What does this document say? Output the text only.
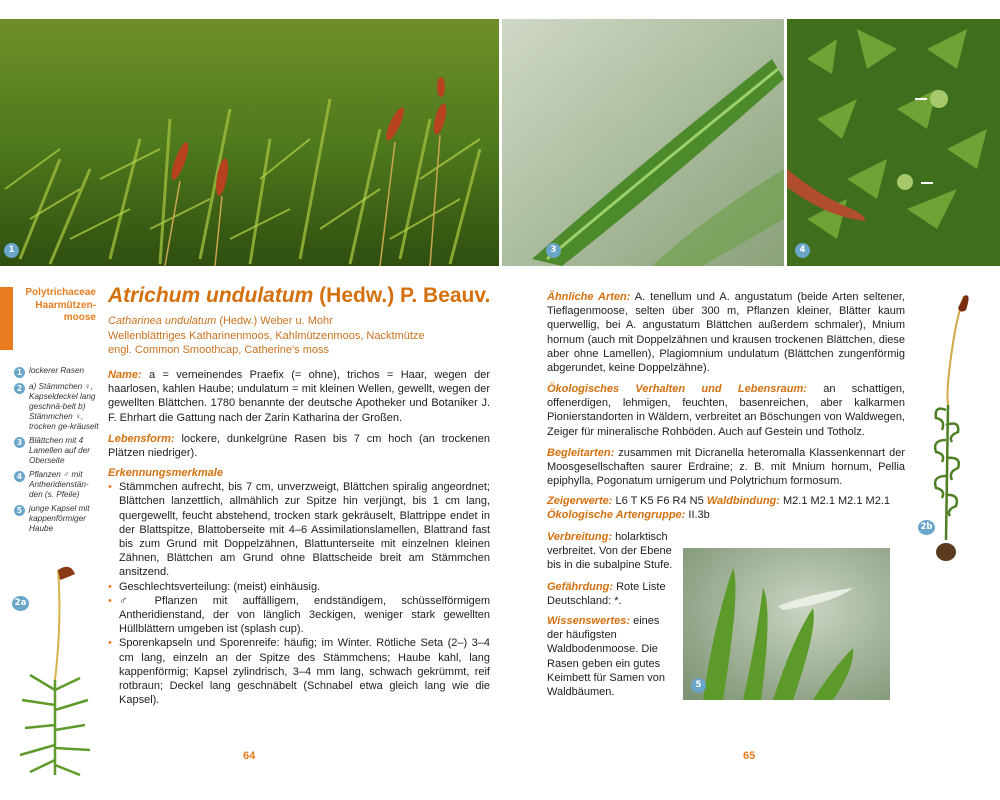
1	3	4
Polytrichaceae
Haarmützen-
moose
1 lockerer Rasen
2 a) Stämmchen ♀, Kapseldeckel lang geschnä-belt b) Stämmchen ♀, trocken ge-kräuselt
3 Blättchen mit 4 Lamellen auf der Oberseite
4 Pflanzen ♂ mit Antheridienstän-den (s. Pfeile)
5 junge Kapsel mit kappenförmiger Haube
2a
Atrichum undulatum (Hedw.) P. Beauv.
Catharinea undulatum (Hedw.) Weber u. Mohr
Wellenblättriges Katharinenmoos, Kahlmützenmoos, Nacktmütze
engl. Common Smoothcap, Catherine's moss
Name: a = verneinendes Praefix (= ohne), trichos = Haar, wegen der haarlosen, kahlen Haube; undulatum = mit kleinen Wellen, gewellt, wegen der gewellten Blättchen. 1780 benannte der deutsche Apotheker und Botaniker J. F. Ehrhart die Gattung nach der Zarin Katharina der Großen.
Lebensform: lockere, dunkelgrüne Rasen bis 7 cm hoch (an trockenen Plätzen niedriger).
Erkennungsmerkmale
• Stämmchen aufrecht, bis 7 cm, unverzweigt, Blättchen spiralig angeordnet; Blättchen lanzettlich, allmählich zur Spitze hin verjüngt, bis 1 cm lang, quergewellt, feucht abstehend, trocken stark gekräuselt, Blattrippe endet in der Blattspitze, Blattoberseite mit 4–6 Assimilationslamellen, Blattrand fast bis zum Grund mit Doppelzähnen, Blattunterseite mit einzelnen kleinen Zähnen, Blättchen am Grund ohne Blattscheide breit am Stämmchen ansitzend.
• Geschlechtsverteilung: (meist) einhäusig.
• ♂ Pflanzen mit auffälligem, endständigem, schüsselförmigem Antheridienstand, der von länglich 3eckigen, weniger stark gewellten Hüllblättern umgeben ist (splash cup).
• Sporenkapseln und Sporenreife: häufig; im Winter. Rötliche Seta (2–) 3–4 cm lang, einzeln an der Spitze des Stämmchens; Haube kahl, lang kappenförmig; Kapsel zylindrisch, 3–4 mm lang, schwach gekrümmt, reif rotbraun; Deckel lang geschnäbelt (Schnabel etwa gleich lang wie die Kapsel).
64
Ähnliche Arten: A. tenellum und A. angustatum (beide Arten seltener, Tieflagenmoose, selten über 300 m, Pflanzen kleiner, Blätter kaum querwellig, bei A. angustatum Blättchen außerdem schmaler), Mnium hornum (auch mit Doppelzähnen und krausen trockenen Blättchen, diese aber ohne Lamellen), Plagiomnium undulatum (Blättchen zungenförmig abgerundet, keine Doppelzähne).
Ökologisches Verhalten und Lebensraum: an schattigen, offenerdigen, lehmigen, feuchten, basenreichen, aber kalkarmen Pionierstandorten in Wäldern, verbreitet an Böschungen von Waldwegen, Zeiger für mineralische Rohböden. Auch auf Gestein und Totholz.
Begleitarten: zusammen mit Dicranella heteromalla Klassenkennart der Moosgesellschaften saurer Erdraine; z. B. mit Mnium hornum, Pellia epiphylla, Pogonatum urnigerum und Polytrichum formosum.
Zeigerwerte: L6 T K5 F6 R4 N5 Waldbindung: M2.1 M2.1 M2.1 M2.1
Ökologische Artengruppe: II.3b
Verbreitung: holarktisch verbreitet. Von der Ebene bis in die subalpine Stufe.
Gefährdung: Rote Liste Deutschland: *.
Wissenswertes: eines der häufigsten Waldbodenmoose. Die Rasen geben ein gutes Keimbett für Samen von Waldbäumen.
5
2b
65
